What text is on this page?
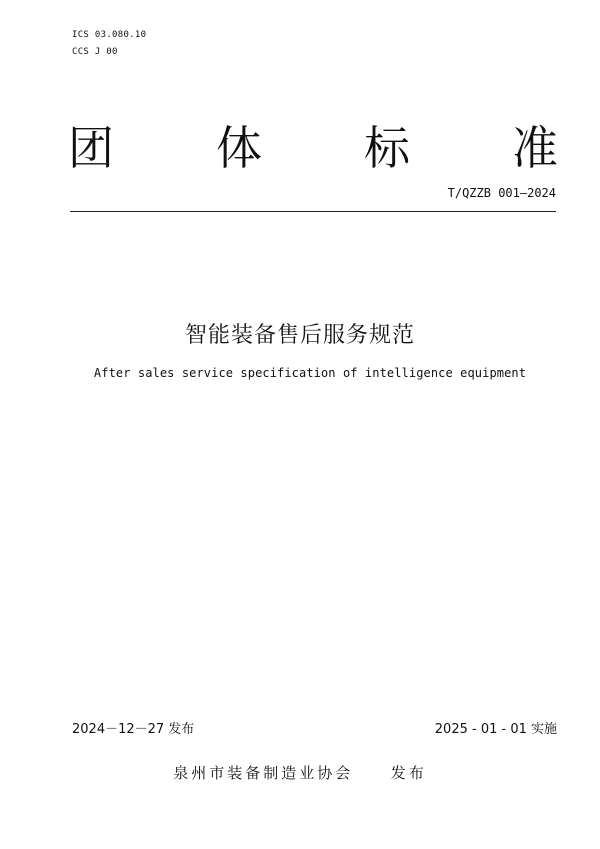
ICS 03.080.10
CCS J 00
团 体 标 准
T/QZZB 001—2024
智能装备售后服务规范
After sales service specification of intelligence equipment
2024－12－27 发布	2025 - 01 - 01 实施
泉州市装备制造业协会	发布
